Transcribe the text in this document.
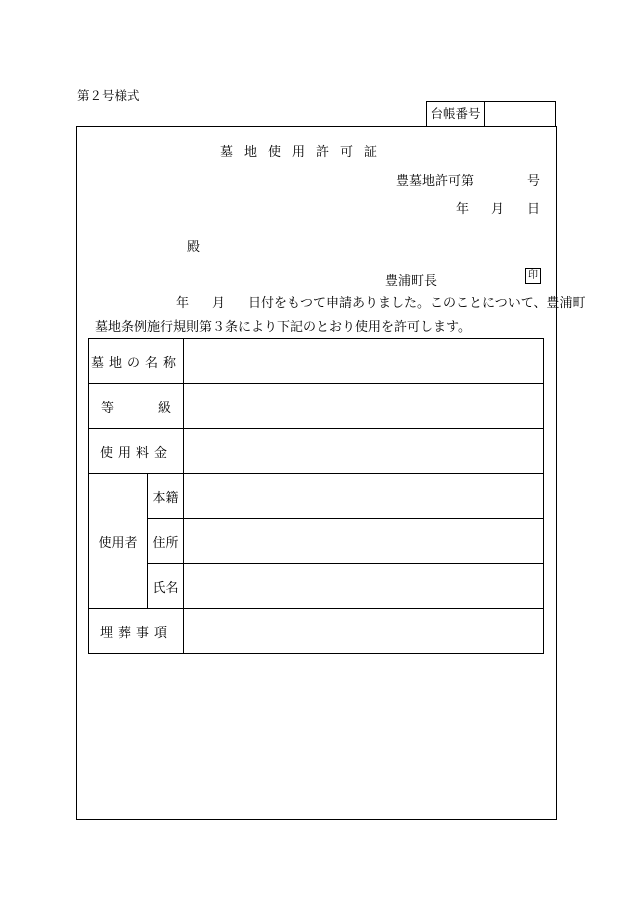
第２号様式
台帳番号
墓地使用許可証
豊墓地許可第	号
年 月 日
殿
豊浦町長	印
年 月 日付をもつて申請ありました。このことについて、豊浦町
墓地条例施行規則第３条により下記のとおり使用を許可します。
墓地の名称		
等級		
使用料金		
使用者	本籍	
	住所	
	氏名	
埋葬事項		
